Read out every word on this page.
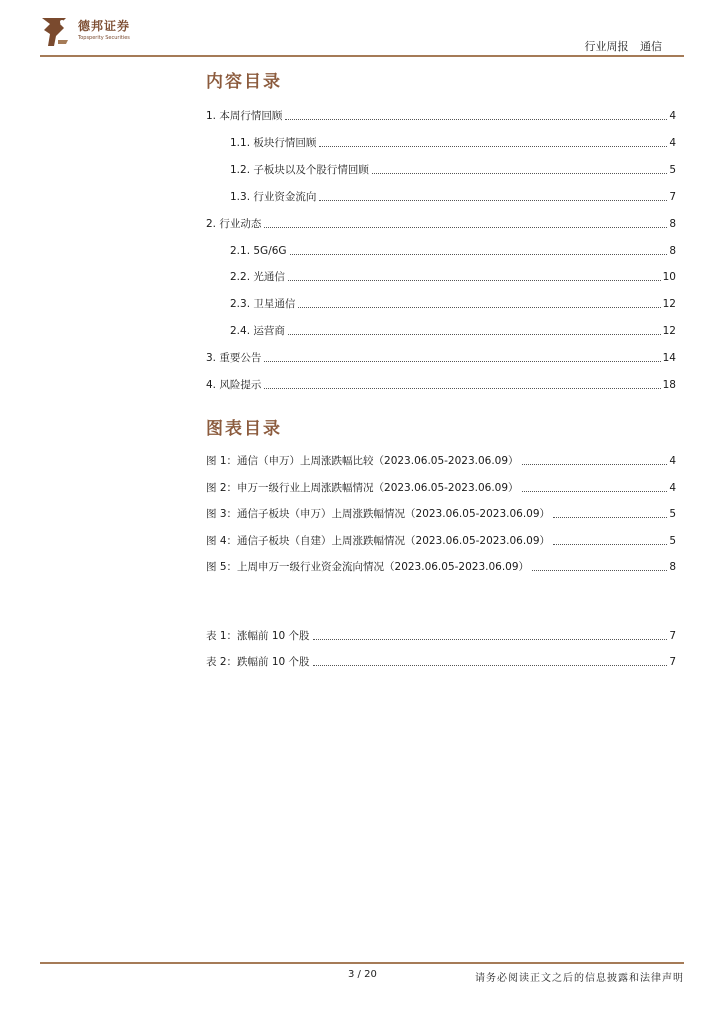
德邦证券
Topsperity Securities
行业周报 通信
内容目录
1. 本周行情回顾	4
1.1. 板块行情回顾	4
1.2. 子板块以及个股行情回顾	5
1.3. 行业资金流向	7
2. 行业动态	8
2.1. 5G/6G	8
2.2. 光通信	10
2.3. 卫星通信	12
2.4. 运营商	12
3. 重要公告	14
4. 风险提示	18
图表目录
图 1：通信（申万）上周涨跌幅比较（2023.06.05-2023.06.09）	4
图 2：申万一级行业上周涨跌幅情况（2023.06.05-2023.06.09）	4
图 3：通信子板块（申万）上周涨跌幅情况（2023.06.05-2023.06.09）	5
图 4：通信子板块（自建）上周涨跌幅情况（2023.06.05-2023.06.09）	5
图 5：上周申万一级行业资金流向情况（2023.06.05-2023.06.09）	8
表 1：涨幅前 10 个股	7
表 2：跌幅前 10 个股	7
3 / 20	请务必阅读正文之后的信息披露和法律声明
